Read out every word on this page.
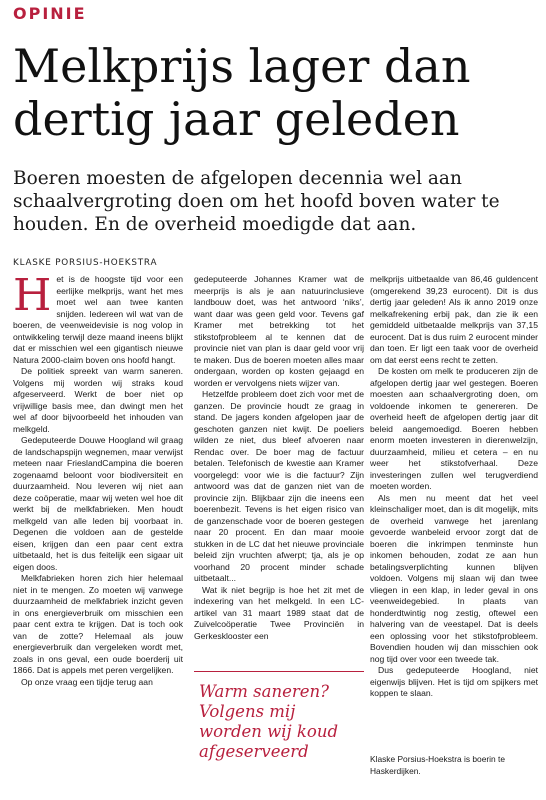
OPINIE
Melkprijs lager dan dertig jaar geleden

Boeren moesten de afgelopen decennia wel aan schaalvergroting doen om het hoofd boven water te houden. En de overheid moedigde dat aan.

KLASKE PORSIUS-HOEKSTRA

Het is de hoogste tijd voor een eerlijke melkprijs, want het mes moet wel aan twee kanten snijden. Iedereen wil wat van de boeren, de veenweidevisie is nog volop in ontwikkeling terwijl deze maand ineens blijkt dat er misschien wel een gigantisch nieuwe Natura 2000-claim boven ons hoofd hangt.

De politiek spreekt van warm saneren. Volgens mij worden wij straks koud afgeserveerd. Werkt de boer niet op vrijwillige basis mee, dan dwingt men het wel af door bijvoorbeeld het inhouden van melkgeld.

Gedeputeerde Douwe Hoogland wil graag de landschapspijn wegnemen, maar verwijst meteen naar FrieslandCampina die boeren zogenaamd beloont voor biodiversiteit en duurzaamheid. Nou leveren wij niet aan deze coöperatie, maar wij weten wel hoe dit werkt bij de melkfabrieken. Men houdt melkgeld van alle leden bij voorbaat in. Degenen die voldoen aan de gestelde eisen, krijgen dan een paar cent extra uitbetaald, het is dus feitelijk een sigaar uit eigen doos.

Melkfabrieken horen zich hier helemaal niet in te mengen. Zo moeten wij vanwege duurzaamheid de melkfabriek inzicht geven in ons energieverbruik om misschien een paar cent extra te krijgen. Dat is toch ook van de zotte? Helemaal als jouw energieverbruik dan vergeleken wordt met, zoals in ons geval, een oude boerderij uit 1866. Dat is appels met peren vergelijken.

Op onze vraag een tijdje terug aan

gedeputeerde Johannes Kramer wat de meerprijs is als je aan natuurinclusieve landbouw doet, was het antwoord ‘niks’, want daar was geen geld voor. Tevens gaf Kramer met betrekking tot het stikstofprobleem al te kennen dat de provincie niet van plan is daar geld voor vrij te maken. Dus de boeren moeten alles maar ondergaan, worden op kosten gejaagd en worden er vervolgens niets wijzer van.

Hetzelfde probleem doet zich voor met de ganzen. De provincie houdt ze graag in stand. De jagers konden afgelopen jaar de geschoten ganzen niet kwijt. De poeliers wilden ze niet, dus bleef afvoeren naar Rendac over. De boer mag de factuur betalen. Telefonisch de kwestie aan Kramer voorgelegd: voor wie is die factuur? Zijn antwoord was dat de ganzen niet van de provincie zijn. Blijkbaar zijn die ineens een boerenbezit. Tevens is het eigen risico van de ganzenschade voor de boeren gestegen naar 20 procent. En dan maar mooie stukken in de LC dat het nieuwe provinciale beleid zijn vruchten afwerpt; tja, als je op voorhand 20 procent minder schade uitbetaalt...

Wat ik niet begrijp is hoe het zit met de indexering van het melkgeld. In een LC-artikel van 31 maart 1989 staat dat de Zuivelcoöperatie Twee Provinciën in Gerkesklooster een

Warm saneren? Volgens mij worden wij koud afgeserveerd

melkprijs uitbetaalde van 86,46 guldencent (omgerekend 39,23 eurocent). Dit is dus dertig jaar geleden! Als ik anno 2019 onze melkafrekening erbij pak, dan zie ik een gemiddeld uitbetaalde melkprijs van 37,15 eurocent. Dat is dus ruim 2 eurocent minder dan toen. Er ligt een taak voor de overheid om dat eerst eens recht te zetten.

De kosten om melk te produceren zijn de afgelopen dertig jaar wel gestegen. Boeren moesten aan schaalvergroting doen, om voldoende inkomen te genereren. De overheid heeft de afgelopen dertig jaar dit beleid aangemoedigd. Boeren hebben enorm moeten investeren in dierenwelzijn, duurzaamheid, milieu et cetera – en nu weer het stikstofverhaal. Deze investeringen zullen wel terugverdiend moeten worden.

Als men nu meent dat het veel kleinschaliger moet, dan is dit mogelijk, mits de overheid vanwege het jarenlang gevoerde wanbeleid ervoor zorgt dat de boeren die inkrimpen tenminste hun inkomen behouden, zodat ze aan hun betalingsverplichting kunnen blijven voldoen. Volgens mij slaan wij dan twee vliegen in een klap, in leder geval in ons veenweidegebied. In plaats van honderdtwintig nog zestig, oftewel een halvering van de veestapel. Dat is deels een oplossing voor het stikstofprobleem. Bovendien houden wij dan misschien ook nog tijd over voor een tweede tak.

Dus gedeputeerde Hoogland, niet eigenwijs blijven. Het is tijd om spijkers met koppen te slaan.

Klaske Porsius-Hoekstra is boerin te Haskerdijken.
